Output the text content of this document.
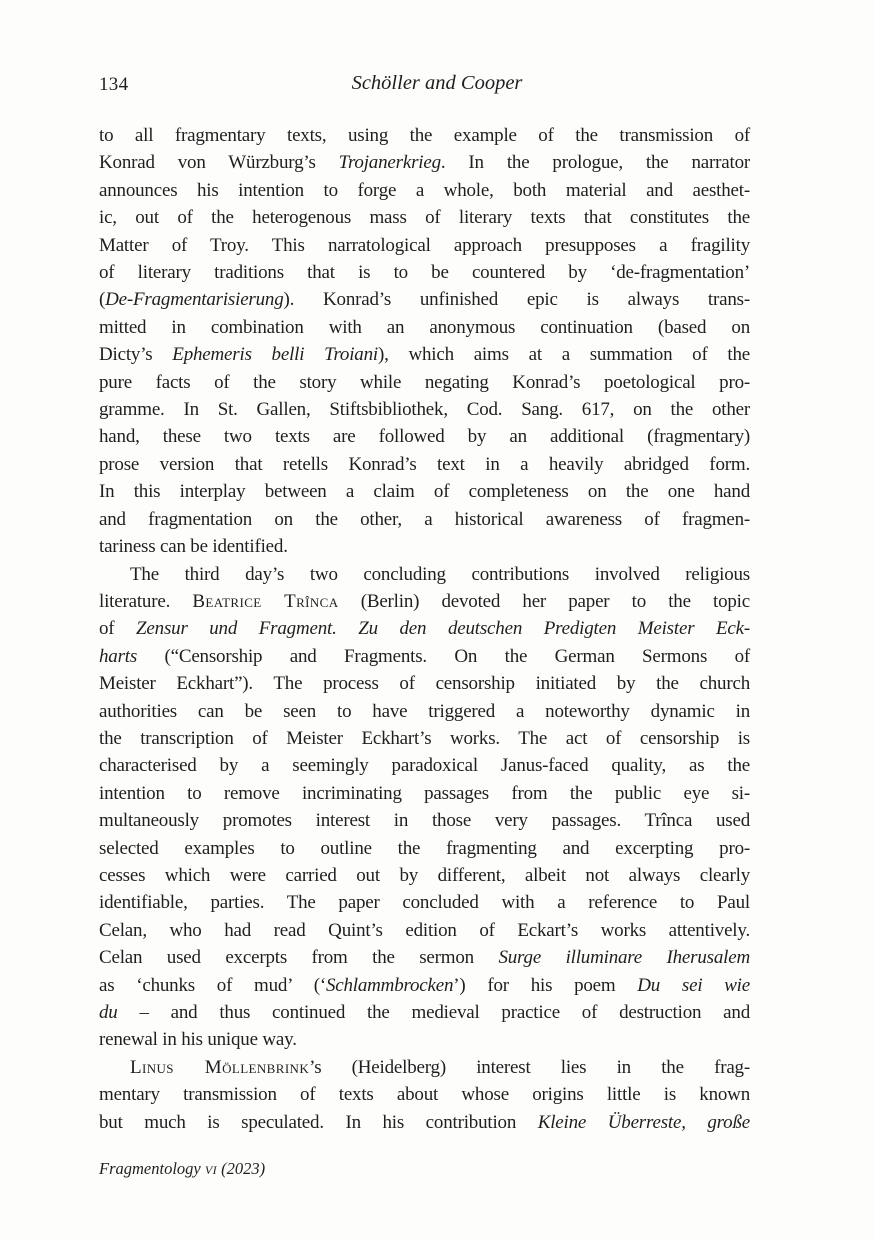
134	Schöller and Cooper
to all fragmentary texts, using the example of the transmission of
Konrad von Würzburg’s Trojanerkrieg. In the prologue, the narrator
announces his intention to forge a whole, both material and aesthet-
ic, out of the heterogenous mass of literary texts that constitutes the
Matter of Troy. This narratological approach presupposes a fragility
of literary traditions that is to be countered by ‘de-fragmentation’
(De-Fragmentarisierung). Konrad’s unfinished epic is always trans-
mitted in combination with an anonymous continuation (based on
Dicty’s Ephemeris belli Troiani), which aims at a summation of the
pure facts of the story while negating Konrad’s poetological pro-
gramme. In St. Gallen, Stiftsbibliothek, Cod. Sang. 617, on the other
hand, these two texts are followed by an additional (fragmentary)
prose version that retells Konrad’s text in a heavily abridged form.
In this interplay between a claim of completeness on the one hand
and fragmentation on the other, a historical awareness of fragmen-
tariness can be identified.
The third day’s two concluding contributions involved religious
literature. Beatrice Trînca (Berlin) devoted her paper to the topic
of Zensur und Fragment. Zu den deutschen Predigten Meister Eck-
harts (“Censorship and Fragments. On the German Sermons of
Meister Eckhart”). The process of censorship initiated by the church
authorities can be seen to have triggered a noteworthy dynamic in
the transcription of Meister Eckhart’s works. The act of censorship is
characterised by a seemingly paradoxical Janus-faced quality, as the
intention to remove incriminating passages from the public eye si-
multaneously promotes interest in those very passages. Trînca used
selected examples to outline the fragmenting and excerpting pro-
cesses which were carried out by different, albeit not always clearly
identifiable, parties. The paper concluded with a reference to Paul
Celan, who had read Quint’s edition of Eckart’s works attentively.
Celan used excerpts from the sermon Surge illuminare Iherusalem
as ‘chunks of mud’ (‘Schlammbrocken’) for his poem Du sei wie
du – and thus continued the medieval practice of destruction and
renewal in his unique way.
Linus Möllenbrink’s (Heidelberg) interest lies in the frag-
mentary transmission of texts about whose origins little is known
but much is speculated. In his contribution Kleine Überreste, große
Fragmentology vi (2023)
